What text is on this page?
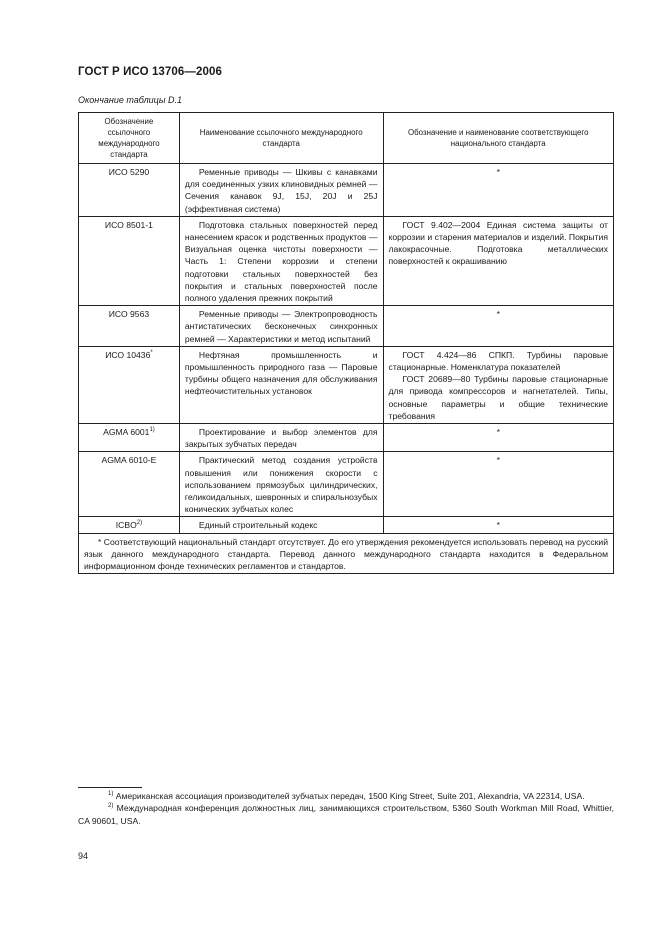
ГОСТ Р ИСО 13706—2006
Окончание таблицы D.1
Обозначение ссылочного международного стандарта	Наименование ссылочного международного стандарта	Обозначение и наименование соответствующего национального стандарта
ИСО 5290	Ременные приводы — Шкивы с канавками для соединенных узких клиновидных ремней — Сечения канавок 9J, 15J, 20J и 25J (эффективная система)	*
ИСО 8501-1	Подготовка стальных поверхностей перед нанесением красок и родственных продуктов — Визуальная оценка чистоты поверхности — Часть 1: Степени коррозии и степени подготовки стальных поверхностей без покрытия и стальных поверхностей после полного удаления прежних покрытий	ГОСТ 9.402—2004 Единая система защиты от коррозии и старения материалов и изделий. Покрытия лакокрасочные. Подготовка металлических поверхностей к окрашиванию

ИСО 9563	Ременные приводы — Электропроводность антистатических бесконечных синхронных ремней — Характеристики и метод испытаний	*
ИСО 10436*	Нефтяная промышленность и промышленность природного газа — Паровые турбины общего назначения для обслуживания нефтеочистительных установок	ГОСТ 4.424—86 СПКП. Турбины паровые стационарные. Номенклатура показателей
ГОСТ 20689—80 Турбины паровые стационарные для привода компрессоров и нагнетателей. Типы, основные параметры и общие технические требования

AGMA 6001$^{1)}$	Проектирование и выбор элементов для закрытых зубчатых передач	*
AGMA 6010-E	Практический метод создания устройств повышения или понижения скорости с использованием прямозубых цилиндрических, геликоидальных, шевронных и спиральнозубых конических зубчатых колес	*
ICBO$^{2)}$	Единый строительный кодекс	*

* Соответствующий национальный стандарт отсутствует. До его утверждения рекомендуется использовать перевод на русский язык данного международного стандарта. Перевод данного международного стандарта находится в Федеральном информационном фонде технических регламентов и стандартов.		

$^{1)}$ Американская ассоциация производителей зубчатых передач, 1500 King Street, Suite 201, Alexandria, VA 22314, USA.

$^{2)}$ Международная конференция должностных лиц, занимающихся строительством, 5360 South Workman Mill Road, Whittier, CA 90601, USA.

94
